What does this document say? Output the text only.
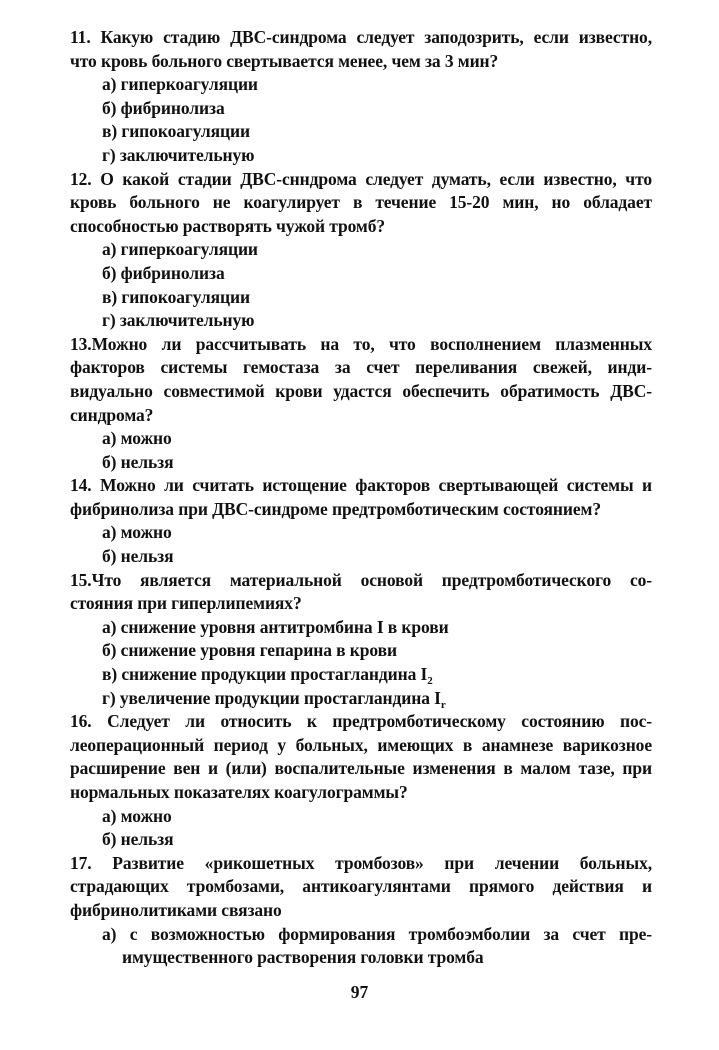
11. Какую стадию ДВС-синдрома следует заподозрить, если известно,
что кровь больного свертывается менее, чем за 3 мин?
а) гиперкоагуляции
б) фибринолиза
в) гипокоагуляции
г) заключительную
12. О какой стадии ДВС-снндрома следует думать, если известно, что
кровь больного не коагулирует в течение 15-20 мин, но обладает
способностью растворять чужой тромб?
а) гиперкоагуляции
б) фибринолиза
в) гипокоагуляции
г) заключительную
13.Можно ли рассчитывать на то, что восполнением плазменных
факторов системы гемостаза за счет переливания свежей, инди-
видуально совместимой крови удастся обеспечить обратимость ДВС-
синдрома?
а) можно
б) нельзя
14. Можно ли считать истощение факторов свертывающей системы и
фибринолиза при ДВС-синдроме предтромботическим состоянием?
а) можно
б) нельзя
15.Что является материальной основой предтромботического со-
стояния при гиперлипемиях?
а) снижение уровня антитромбина I в крови
б) снижение уровня гепарина в крови
в) снижение продукции простагландина $I_2$
г) увеличение продукции простагландина $I_r$
16. Следует ли относить к предтромботическому состоянию пос-
леоперационный период у больных, имеющих в анамнезе варикозное
расширение вен и (или) воспалительные изменения в малом тазе, при
нормальных показателях коагулограммы?
а) можно
б) нельзя
17. Развитие «рикошетных тромбозов» при лечении больных,
страдающих тромбозами, антикоагулянтами прямого действия и
фибринолитиками связано
а) с возможностью формирования тромбоэмболии за счет пре-
имущественного растворения головки тромба
97
